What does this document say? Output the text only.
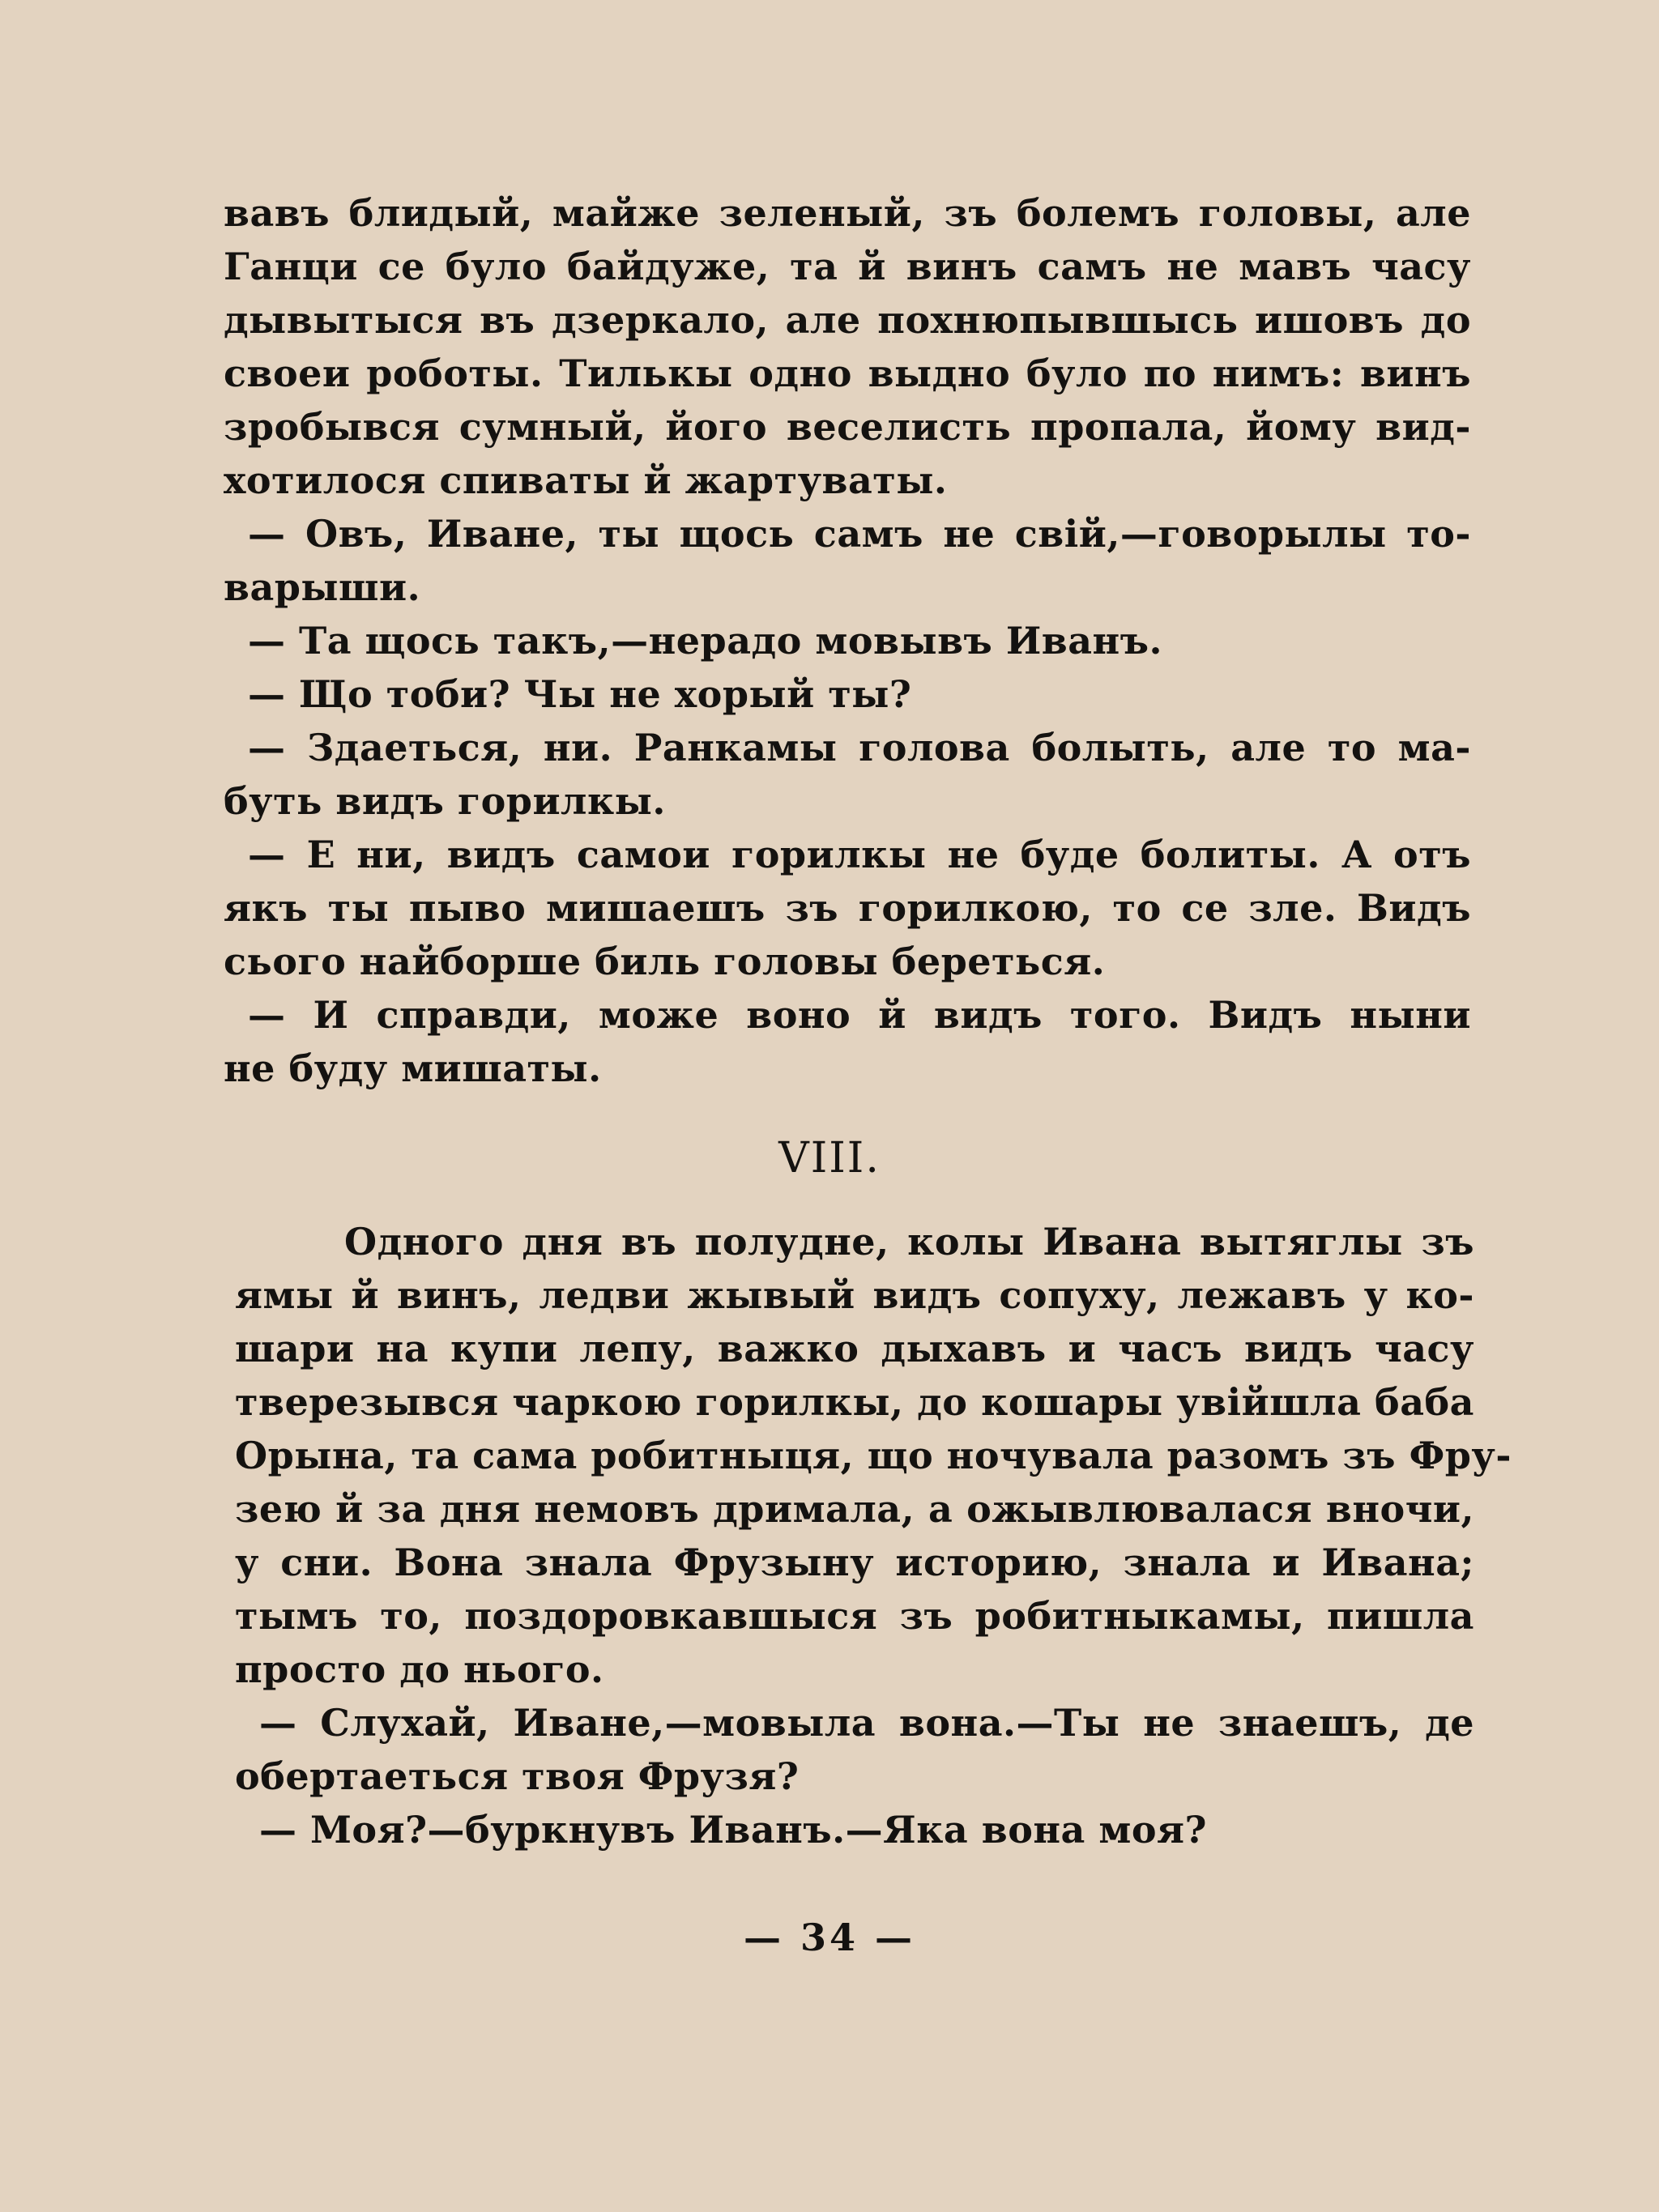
вавъ блидый, майже зеленый, зъ болемъ головы, але
Ганци се було байдуже, та й винъ самъ не мавъ часу
дывытыся въ дзеркало, але похнюпывшысь ишовъ до
своеи роботы. Тилькы одно выдно було по нимъ: винъ
зробывся сумный, його веселисть пропала, йому вид-
хотилося спиваты й жартуваты.
— Овъ, Иване, ты щось самъ не свій,—говорылы то-
варыши.
— Та щось такъ,—нерадо мовывъ Иванъ.
— Що тоби? Чы не хорый ты?
— Здаеться, ни. Ранкамы голова болыть, але то ма-
буть видъ горилкы.
— Е ни, видъ самои горилкы не буде болиты. А отъ
якъ ты пыво мишаешъ зъ горилкою, то се зле. Видъ
сього найборше биль головы береться.
— И справди, може воно й видъ того. Видъ ныни
не буду мишаты.
VIII.
Одного дня въ полудне, колы Ивана вытяглы зъ
ямы й винъ, ледви жывый видъ сопуху, лежавъ у ко-
шари на купи лепу, важко дыхавъ и часъ видъ часу
тверезывся чаркою горилкы, до кошары увійшла баба
Орына, та сама робитныця, що ночувала разомъ зъ Фру-
зею й за дня немовъ дримала, а ожывлювалася вночи,
у сни. Вона знала Фрузыну историю, знала и Ивана;
тымъ то, поздоровкавшыся зъ робитныкамы, пишла
просто до нього.
— Слухай, Иване,—мовыла вона.—Ты не знаешъ, де
обертаеться твоя Фрузя?
— Моя?—буркнувъ Иванъ.—Яка вона моя?
— 34 —
